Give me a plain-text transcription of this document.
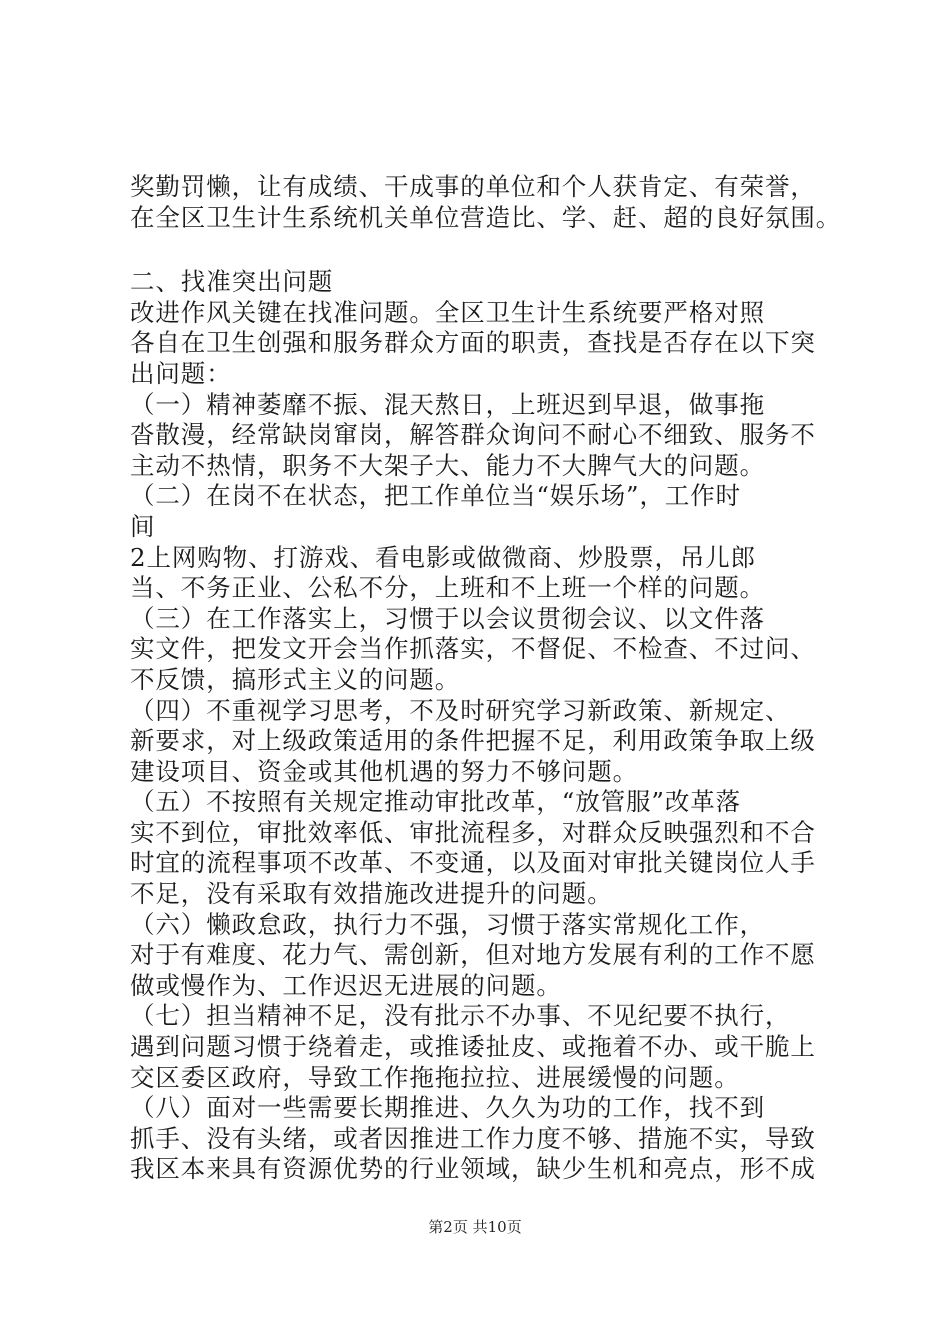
奖勤罚懒，让有成绩、干成事的单位和个人获肯定、有荣誉，
在全区卫生计生系统机关单位营造比、学、赶、超的良好氛围。

二、找准突出问题

改进作风关键在找准问题。全区卫生计生系统要严格对照
各自在卫生创强和服务群众方面的职责，查找是否存在以下突
出问题：

（一）精神萎靡不振、混天熬日，上班迟到早退，做事拖
沓散漫，经常缺岗窜岗，解答群众询问不耐心不细致、服务不
主动不热情，职务不大架子大、能力不大脾气大的问题。

（二）在岗不在状态，把工作单位当“娱乐场”，工作时
间

2上网购物、打游戏、看电影或做微商、炒股票，吊儿郎
当、不务正业、公私不分，上班和不上班一个样的问题。

（三）在工作落实上，习惯于以会议贯彻会议、以文件落
实文件，把发文开会当作抓落实，不督促、不检查、不过问、
不反馈，搞形式主义的问题。

（四）不重视学习思考，不及时研究学习新政策、新规定、
新要求，对上级政策适用的条件把握不足，利用政策争取上级
建设项目、资金或其他机遇的努力不够问题。

（五）不按照有关规定推动审批改革，“放管服”改革落
实不到位，审批效率低、审批流程多，对群众反映强烈和不合
时宜的流程事项不改革、不变通，以及面对审批关键岗位人手
不足，没有采取有效措施改进提升的问题。

（六）懒政怠政，执行力不强，习惯于落实常规化工作，
对于有难度、花力气、需创新，但对地方发展有利的工作不愿
做或慢作为、工作迟迟无进展的问题。

（七）担当精神不足，没有批示不办事、不见纪要不执行，
遇到问题习惯于绕着走，或推诿扯皮、或拖着不办、或干脆上
交区委区政府，导致工作拖拖拉拉、进展缓慢的问题。

（八）面对一些需要长期推进、久久为功的工作，找不到
抓手、没有头绪，或者因推进工作力度不够、措施不实，导致
我区本来具有资源优势的行业领域，缺少生机和亮点，形不成

第2页 共10页
